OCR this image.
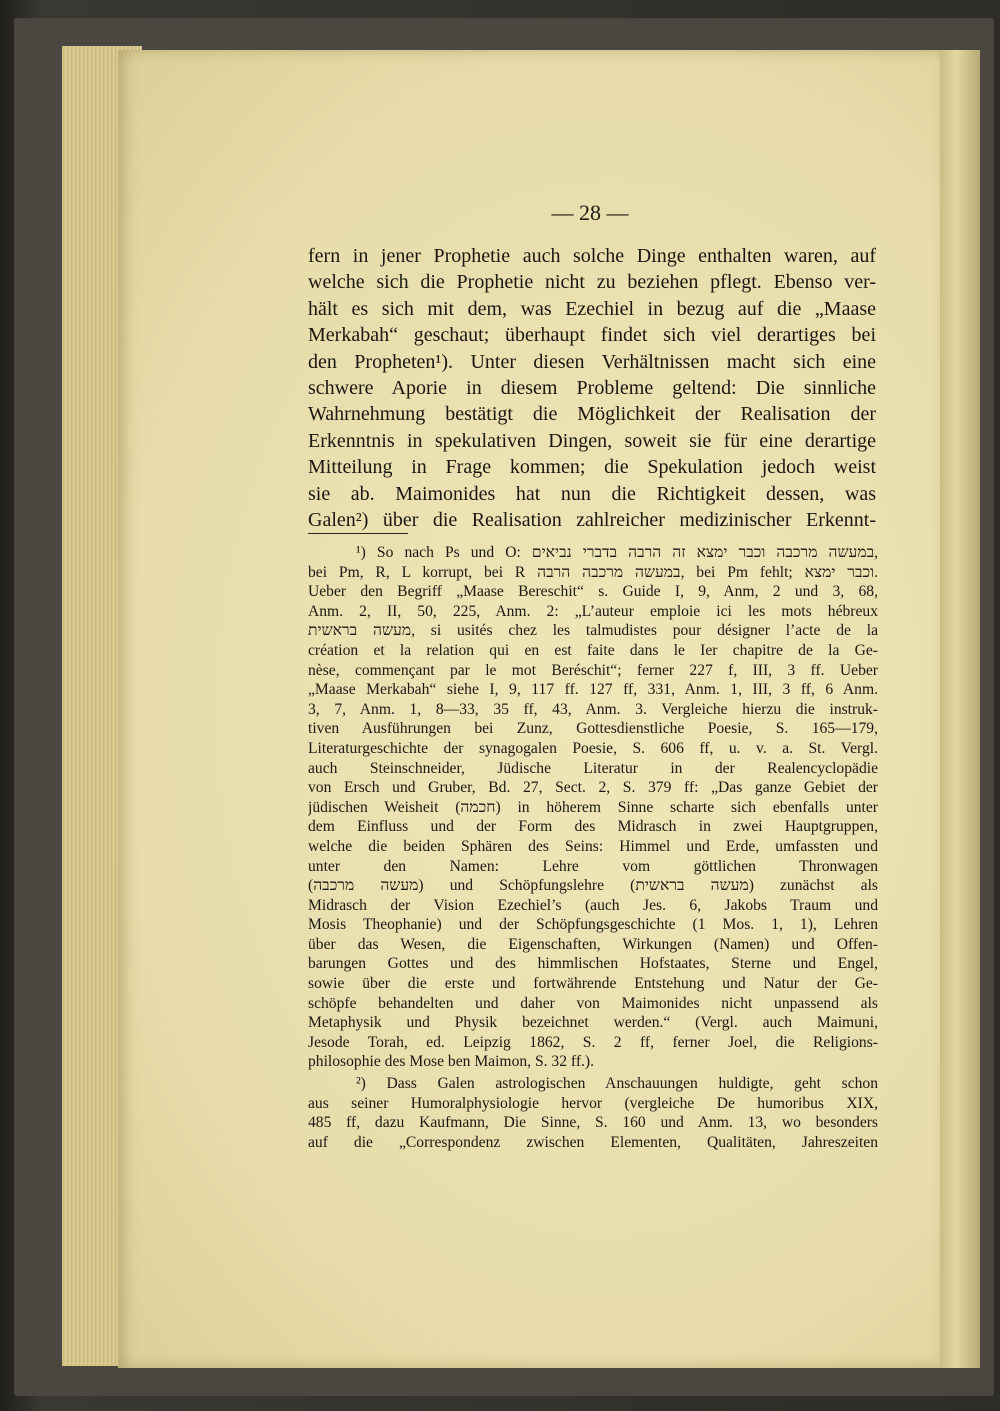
— 28 —
fern in jener Prophetie auch solche Dinge enthalten waren, auf
welche sich die Prophetie nicht zu beziehen pflegt. Ebenso ver-
hält es sich mit dem, was Ezechiel in bezug auf die „Maase
Merkabah“ geschaut; überhaupt findet sich viel derartiges bei
den Propheten¹). Unter diesen Verhältnissen macht sich eine
schwere Aporie in diesem Probleme geltend: Die sinnliche
Wahrnehmung bestätigt die Möglichkeit der Realisation der
Erkenntnis in spekulativen Dingen, soweit sie für eine derartige
Mitteilung in Frage kommen; die Spekulation jedoch weist
sie ab. Maimonides hat nun die Richtigkeit dessen, was
Galen²) über die Realisation zahlreicher medizinischer Erkennt-
¹) So nach Ps und O: במעשה מרכבה וכבר ימצא זה הרבה בדברי נביאים,
bei Pm, R, L korrupt, bei R במעשה מרכבה הרבה, bei Pm fehlt; וכבר ימצא.
Ueber den Begriff „Maase Bereschit“ s. Guide I, 9, Anm, 2 und 3, 68,
Anm. 2, II, 50, 225, Anm. 2: „L’auteur emploie ici les mots hébreux
מעשה בראשית, si usités chez les talmudistes pour désigner l’acte de la
création et la relation qui en est faite dans le Ier chapitre de la Ge-
nèse, commençant par le mot Beréschit“; ferner 227 f, III, 3 ff. Ueber
„Maase Merkabah“ siehe I, 9, 117 ff. 127 ff, 331, Anm. 1, III, 3 ff, 6 Anm.
3, 7, Anm. 1, 8—33, 35 ff, 43, Anm. 3. Vergleiche hierzu die instruk-
tiven Ausführungen bei Zunz, Gottesdienstliche Poesie, S. 165—179,
Literaturgeschichte der synagogalen Poesie, S. 606 ff, u. v. a. St. Vergl.
auch Steinschneider, Jüdische Literatur in der Realencyclopädie
von Ersch und Gruber, Bd. 27, Sect. 2, S. 379 ff: „Das ganze Gebiet der
jüdischen Weisheit (חכמה) in höherem Sinne scharte sich ebenfalls unter
dem Einfluss und der Form des Midrasch in zwei Hauptgruppen,
welche die beiden Sphären des Seins: Himmel und Erde, umfassten und
unter den Namen: Lehre vom göttlichen Thronwagen
(מעשה מרכבה) und Schöpfungslehre (מעשה בראשית) zunächst als
Midrasch der Vision Ezechiel’s (auch Jes. 6, Jakobs Traum und
Mosis Theophanie) und der Schöpfungsgeschichte (1 Mos. 1, 1), Lehren
über das Wesen, die Eigenschaften, Wirkungen (Namen) und Offen-
barungen Gottes und des himmlischen Hofstaates, Sterne und Engel,
sowie über die erste und fortwährende Entstehung und Natur der Ge-
schöpfe behandelten und daher von Maimonides nicht unpassend als
Metaphysik und Physik bezeichnet werden.“ (Vergl. auch Maimuni,
Jesode Torah, ed. Leipzig 1862, S. 2 ff, ferner Joel, die Religions-
philosophie des Mose ben Maimon, S. 32 ff.).
²) Dass Galen astrologischen Anschauungen huldigte, geht schon
aus seiner Humoralphysiologie hervor (vergleiche De humoribus XIX,
485 ff, dazu Kaufmann, Die Sinne, S. 160 und Anm. 13, wo besonders
auf die „Correspondenz zwischen Elementen, Qualitäten, Jahreszeiten
